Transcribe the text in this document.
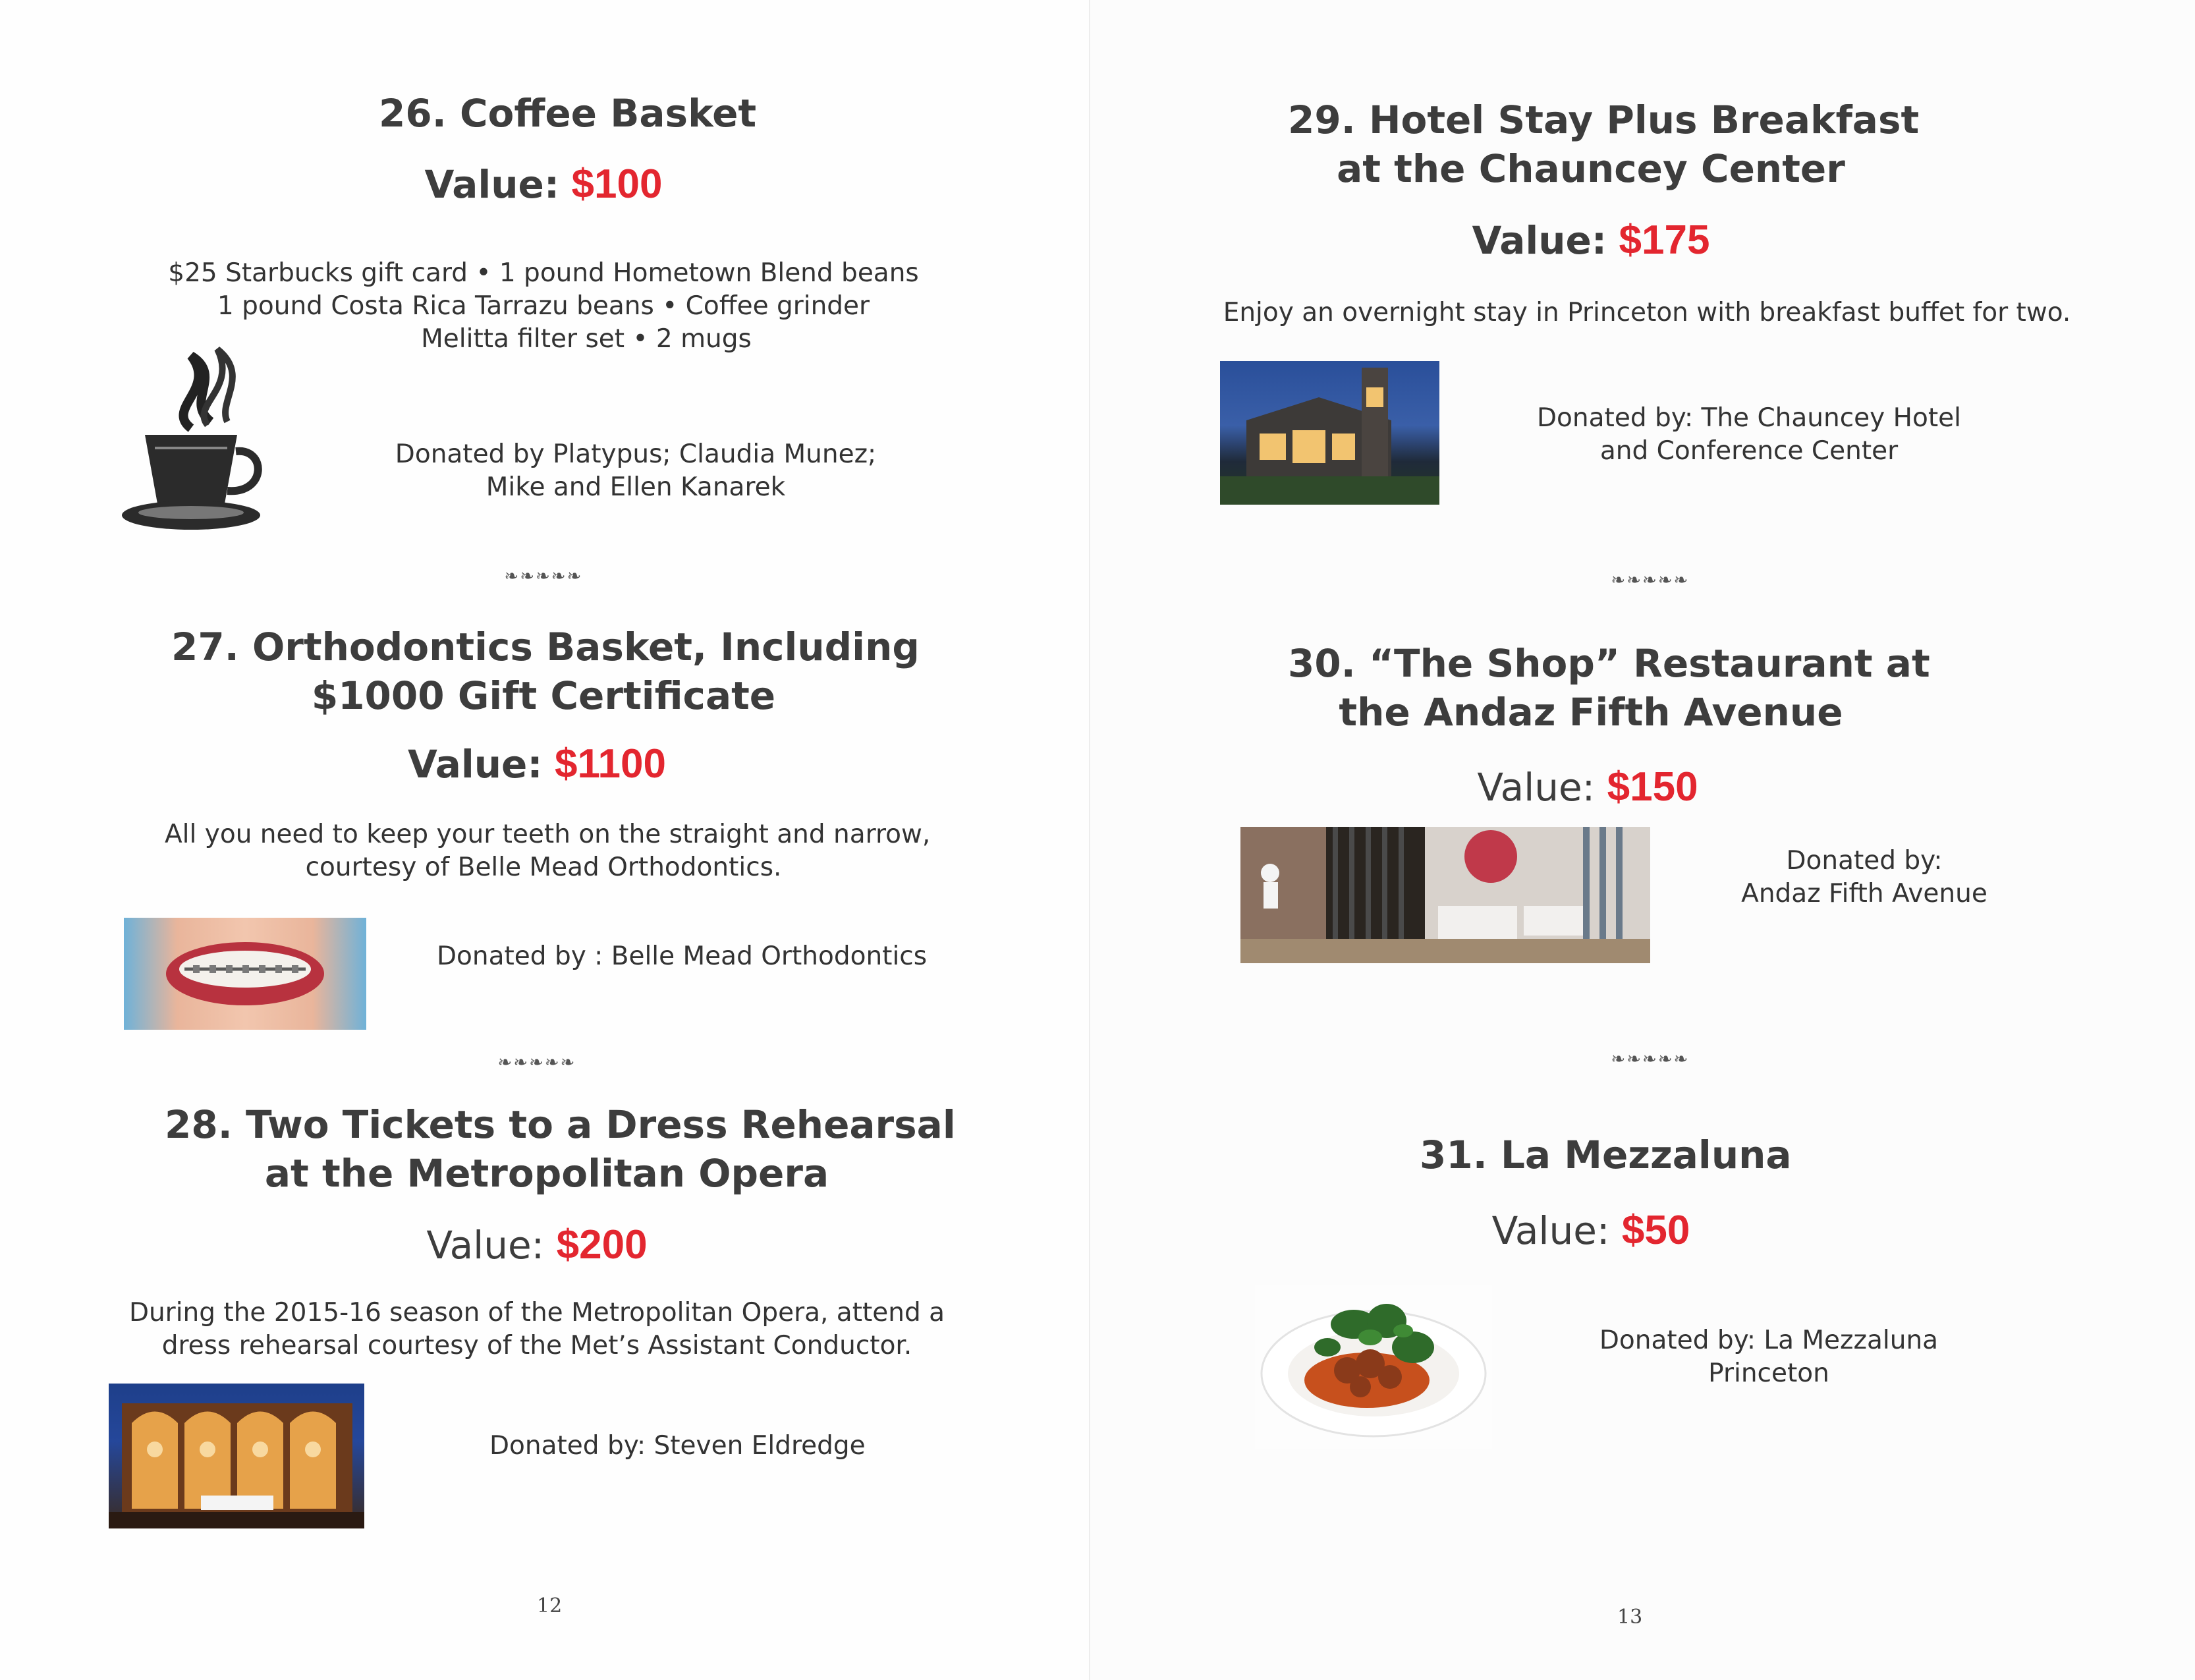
26. Coffee Basket
Value: $100
$25 Starbucks gift card • 1 pound Hometown Blend beans
1 pound Costa Rica Tarrazu beans • Coffee grinder
Melitta filter set • 2 mugs
Donated by Platypus; Claudia Munez;
Mike and Ellen Kanarek
❧❧❧❧❧
27. Orthodontics Basket, Including
$1000 Gift Certificate
Value: $1100
All you need to keep your teeth on the straight and narrow,
courtesy of Belle Mead Orthodontics.
Donated by : Belle Mead Orthodontics
❧❧❧❧❧
28. Two Tickets to a Dress Rehearsal
at the Metropolitan Opera
Value: $200
During the 2015-16 season of the Metropolitan Opera, attend a
dress rehearsal courtesy of the Met’s Assistant Conductor.
Donated by: Steven Eldredge
12
29. Hotel Stay Plus Breakfast
at the Chauncey Center
Value: $175
Enjoy an overnight stay in Princeton with breakfast buffet for two.
Donated by: The Chauncey Hotel
and Conference Center
❧❧❧❧❧
30. “The Shop” Restaurant at
the Andaz Fifth Avenue
Value: $150
Donated by:
Andaz Fifth Avenue
❧❧❧❧❧
31. La Mezzaluna
Value: $50
Donated by: La Mezzaluna
Princeton
13
